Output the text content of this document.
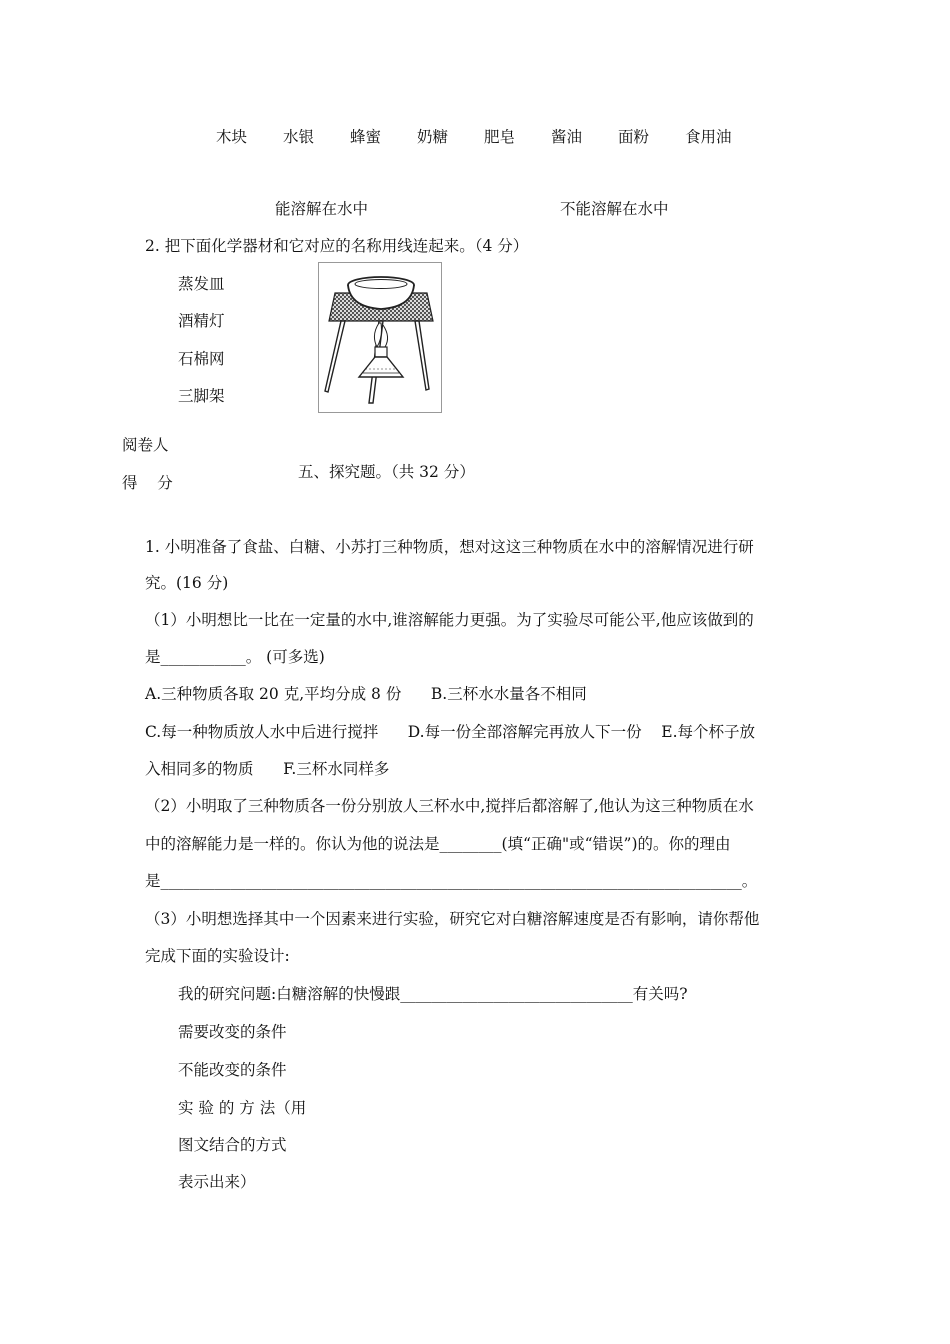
木块 水银 蜂蜜 奶糖 肥皂 酱油 面粉 食用油
能溶解在水中	不能溶解在水中
2. 把下面化学器材和它对应的名称用线连起来。（4 分）
蒸发皿
酒精灯
石棉网
三脚架
阅卷人
得    分
五、探究题。（共 32 分）
1. 小明准备了食盐、白糖、小苏打三种物质，想对这这三种物质在水中的溶解情况进行研
究。(16 分)
（1）小明想比一比在一定量的水中,谁溶解能力更强。为了实验尽可能公平,他应该做到的
是___________。 (可多选)
A.三种物质各取 20 克,平均分成 8 份      B.三杯水水量各不相同
C.每一种物质放人水中后进行搅拌      D.每一份全部溶解完再放人下一份    E.每个杯子放
入相同多的物质      F.三杯水同样多
（2）小明取了三种物质各一份分别放人三杯水中,搅拌后都溶解了,他认为这三种物质在水
中的溶解能力是一样的。你认为他的说法是________(填“正确"或“错误”)的。你的理由
是___________________________________________________________________________。
（3）小明想选择其中一个因素来进行实验，研究它对白糖溶解速度是否有影响，请你帮他
完成下面的实验设计:
我的研究问题:白糖溶解的快慢跟______________________________有关吗?
需要改变的条件
不能改变的条件
实 验 的 方 法（用
图文结合的方式
表示出来）
